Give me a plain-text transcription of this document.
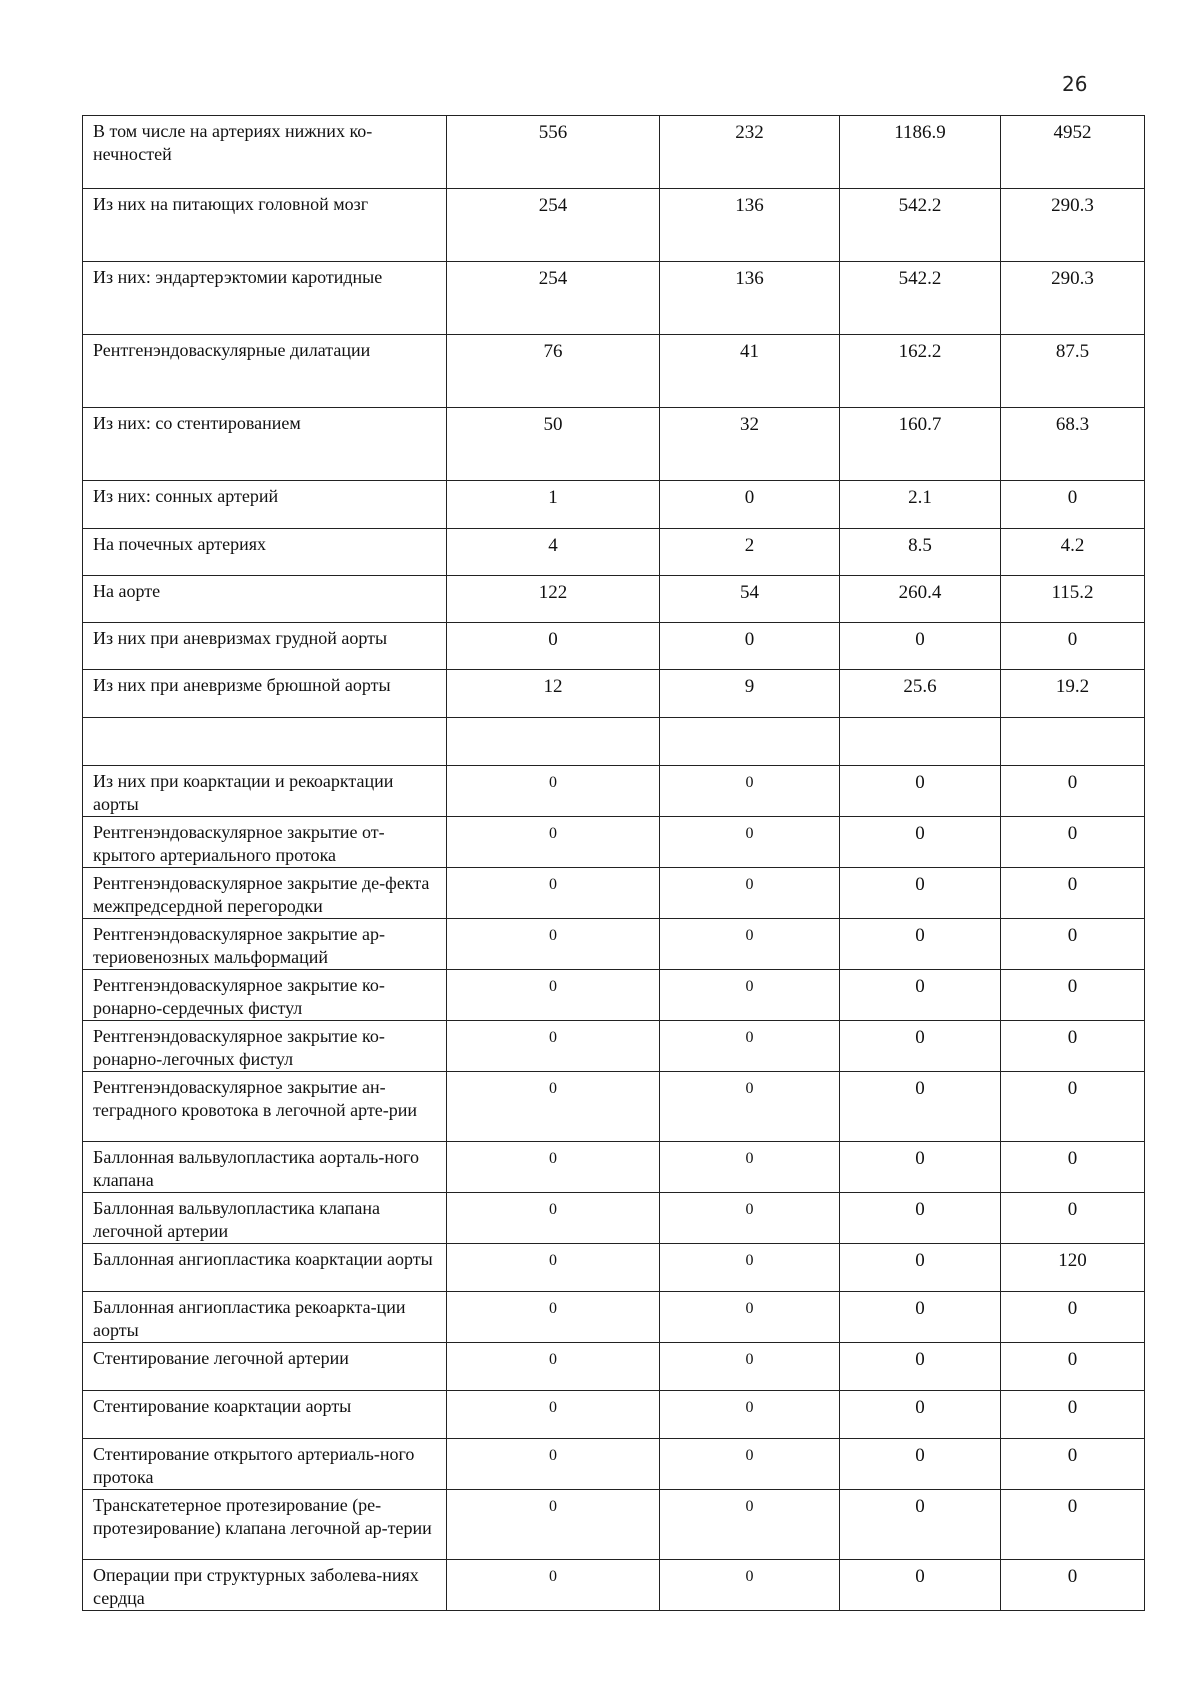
26
В том числе на артериях нижних ко-нечностей	556	232	1186.9	4952
Из них на питающих головной мозг	254	136	542.2	290.3
Из них: эндартерэктомии каротидные	254	136	542.2	290.3
Рентгенэндоваскулярные дилатации	76	41	162.2	87.5
Из них: со стентированием	50	32	160.7	68.3
Из них: сонных артерий	1	0	2.1	0
На почечных артериях	4	2	8.5	4.2
На аорте	122	54	260.4	115.2
Из них при аневризмах грудной аорты	0	0	0	0
Из них при аневризме брюшной аорты	12	9	25.6	19.2

Из них при коарктации и рекоарктации аорты	0	0	0	0
Рентгенэндоваскулярное закрытие от-крытого артериального протока	0	0	0	0
Рентгенэндоваскулярное закрытие де-фекта межпредсердной перегородки	0	0	0	0
Рентгенэндоваскулярное закрытие ар-териовенозных мальформаций	0	0	0	0
Рентгенэндоваскулярное закрытие ко-ронарно-сердечных фистул	0	0	0	0
Рентгенэндоваскулярное закрытие ко-ронарно-легочных фистул	0	0	0	0
Рентгенэндоваскулярное закрытие ан-теградного кровотока в легочной арте-рии	0	0	0	0
Баллонная вальвулопластика аорталь-ного клапана	0	0	0	0
Баллонная вальвулопластика клапана легочной артерии	0	0	0	0
Баллонная ангиопластика коарктации аорты	0	0	0	120
Баллонная ангиопластика рекоаркта-ции аорты	0	0	0	0
Стентирование легочной артерии	0	0	0	0
Стентирование коарктации аорты	0	0	0	0
Стентирование открытого артериаль-ного протока	0	0	0	0
Транскатетерное протезирование (ре-протезирование) клапана легочной ар-терии	0	0	0	0
Операции при структурных заболева-ниях сердца	0	0	0	0
